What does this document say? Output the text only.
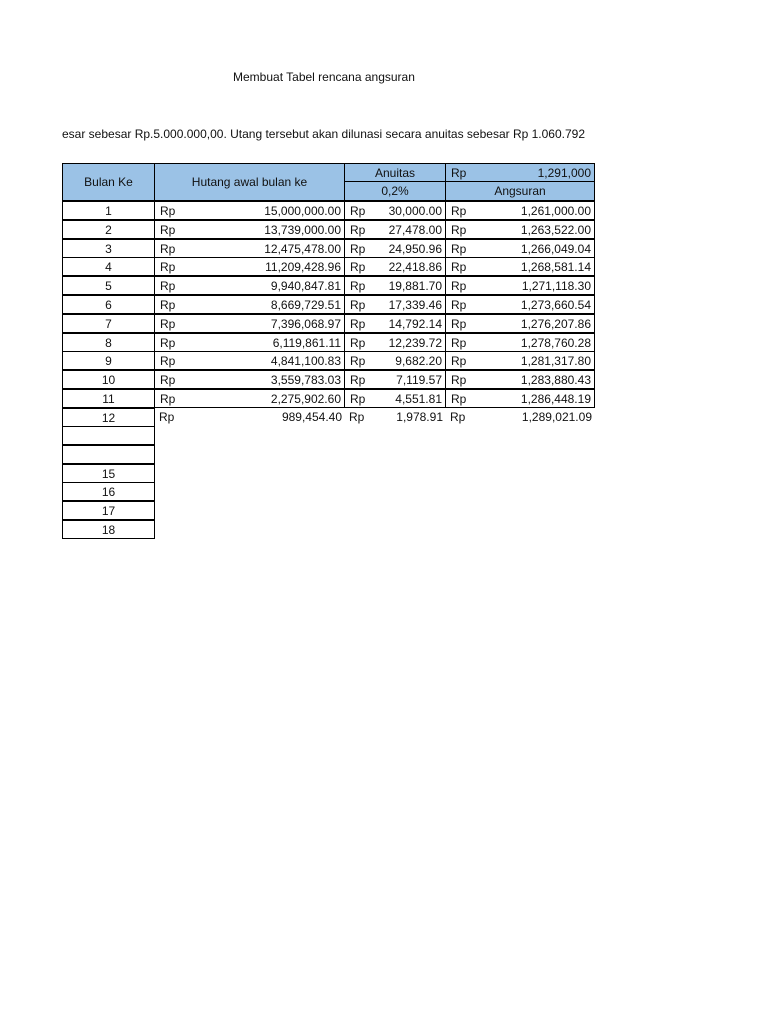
Membuat Tabel rencana angsuran
esar sebesar Rp.5.000.000,00. Utang tersebut akan dilunasi secara anuitas sebesar Rp 1.060.792
Bulan Ke	Hutang awal bulan ke
Anuitas	Rp	1,291,000
0,2%	Angsuran
1	Rp	15,000,000.00 Rp 30,000.00 Rp	1,261,000.00
2	Rp	13,739,000.00 Rp 27,478.00 Rp	1,263,522.00
3	Rp	12,475,478.00 Rp 24,950.96 Rp	1,266,049.04
4	Rp	11,209,428.96 Rp 22,418.86 Rp	1,268,581.14
5	Rp	9,940,847.81 Rp 19,881.70 Rp	1,271,118.30
6	Rp	8,669,729.51 Rp 17,339.46 Rp	1,273,660.54
7	Rp	7,396,068.97 Rp 14,792.14 Rp	1,276,207.86
8	Rp	6,119,861.11 Rp 12,239.72 Rp	1,278,760.28
9	Rp	4,841,100.83 Rp 9,682.20 Rp	1,281,317.80
10	Rp	3,559,783.03 Rp	7,119.57 Rp	1,283,880.43
11	Rp	2,275,902.60 Rp 4,551.81 Rp	1,286,448.19
12	Rp	989,454.40 Rp	1,978.91 Rp	1,289,021.09
15
16
17
18
